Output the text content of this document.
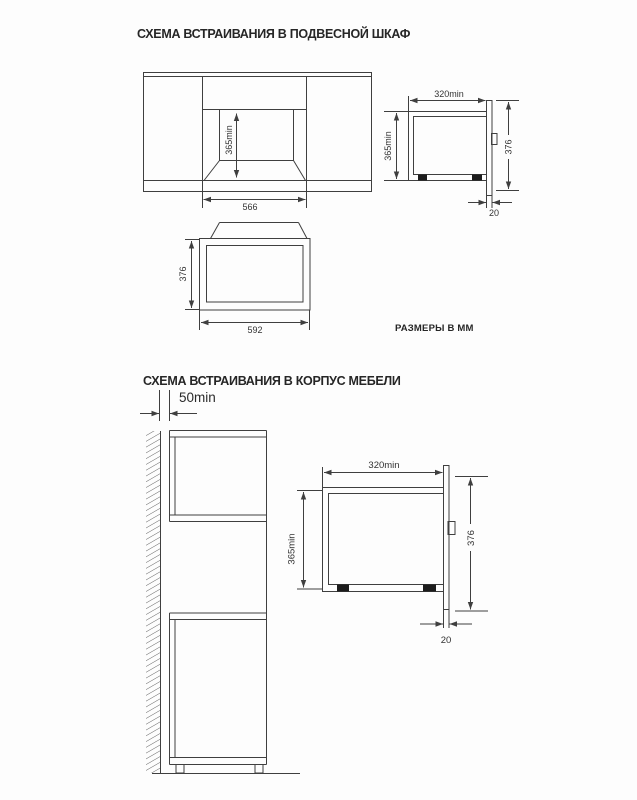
СХЕМА ВСТРАИВАНИЯ В ПОДВЕСНОЙ ШКАФ
365min
566
376
592
320min
365min	376
20
РАЗМЕРЫ В ММ
СХЕМА ВСТРАИВАНИЯ В КОРПУС МЕБЕЛИ
50min
320min
365min	376
20
